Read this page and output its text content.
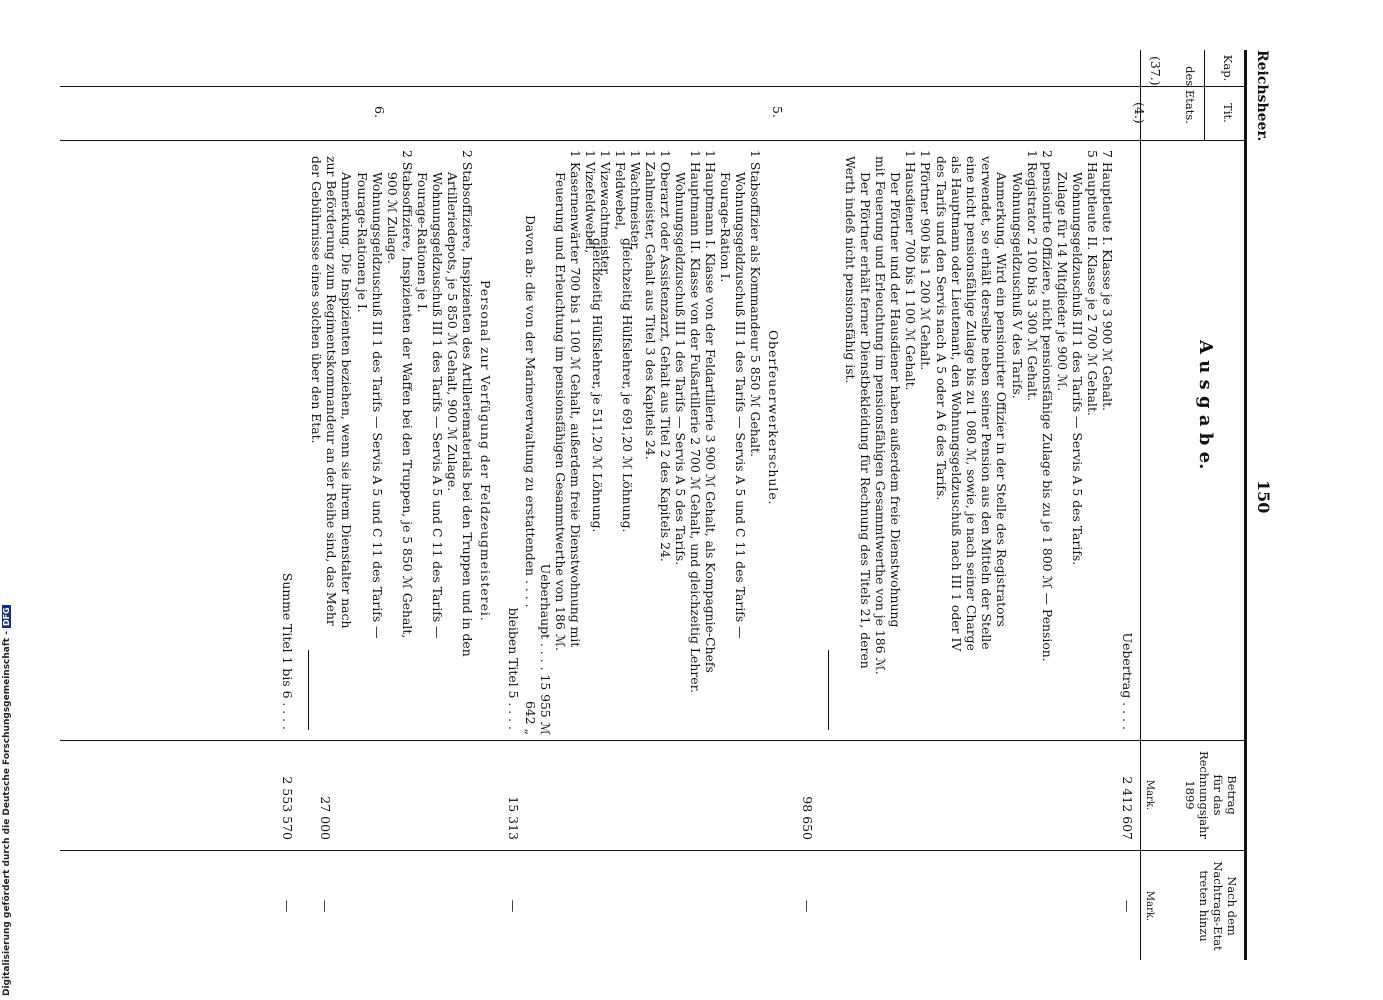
Reichsheer.
150
Kap.
Tit.
des Etats.
A u s g a b e.
Betrag
für das
Rechnungsjahr
1899
Nach dem
Nachtrags-Etat
treten hinzu
Mark.
Mark.
(37.)
(4.)
5.
6.
Uebertrag . . . .
2 412 607
—
7 Hauptleute I. Klasse je 3 900 ℳ Gehalt.
5 Hauptleute II. Klasse je 2 700 ℳ Gehalt.
Wohnungsgeldzuschuß III 1 des Tarifs — Servis A 5 des Tarifs.
Zulage für 14 Mitglieder je 900 ℳ.
2 pensionirte Offiziere, nicht pensionsfähige Zulage bis zu je 1 800 ℳ — Pension.
1 Registrator 2 100 bis 3 300 ℳ Gehalt.
Wohnungsgeldzuschuß V des Tarifs.
Anmerkung. Wird ein pensionirter Offizier in der Stelle des Registrators
verwendet, so erhält derselbe neben seiner Pension aus den Mitteln der Stelle
eine nicht pensionsfähige Zulage bis zu 1 080 ℳ, sowie, je nach seiner Charge
als Hauptmann oder Lieutenant, den Wohnungsgeldzuschuß nach III 1 oder IV
des Tarifs und den Servis nach A 5 oder A 6 des Tarifs.
1 Pförtner 900 bis 1 200 ℳ Gehalt.
1 Hausdiener 700 bis 1 100 ℳ Gehalt.
Der Pförtner und der Hausdiener haben außerdem freie Dienstwohnung
mit Feuerung und Erleuchtung im pensionsfähigen Gesammtwerthe von je 186 ℳ.
Der Pförtner erhält ferner Dienstbekleidung für Rechnung des Titels 21, deren
Werth indeß nicht pensionsfähig ist.
98 650
—
Oberfeuerwerkerschule.
1 Stabsoffizier als Kommandeur 5 850 ℳ Gehalt.
Wohnungsgeldzuschuß III 1 des Tarifs — Servis A 5 und C 11 des Tarifs —
Fourage-Ration I.
1 Hauptmann I. Klasse von der Feldartillerie 3 900 ℳ Gehalt, als Kompagnie-Chefs
1 Hauptmann II. Klasse von der Fußartillerie 2 700 ℳ Gehalt, und gleichzeitig Lehrer.
Wohnungsgeldzuschuß III 1 des Tarifs — Servis A 5 des Tarifs.
1 Oberarzt oder Assistenzarzt, Gehalt aus Titel 2 des Kapitels 24.
1 Zahlmeister, Gehalt aus Titel 3 des Kapitels 24.
1 Wachtmeister,
1 Feldwebel,
gleichzeitig Hülfslehrer, je 691,20 ℳ Löhnung.
1 Vizewachtmeister,
1 Vizefeldwebel,
gleichzeitig Hülfslehrer, je 511,20 ℳ Löhnung.
1 Kasernenwärter 700 bis 1 100 ℳ Gehalt, außerdem freie Dienstwohnung mit
Feuerung und Erleuchtung im pensionsfähigen Gesammtwerthe von 186 ℳ.
Ueberhaupt . . . . 15 955 ℳ
Davon ab: die von der Marineverwaltung zu erstattenden . . . .
642 „
bleiben Titel 5 . . . .
15 313
—
Personal zur Verfügung der Feldzeugmeisterei.
2 Stabsoffiziere, Inspizienten des Artilleriematerials bei den Truppen und in den
Artilleriedepots, je 5 850 ℳ Gehalt, 900 ℳ Zulage.
Wohnungsgeldzuschuß III 1 des Tarifs — Servis A 5 und C 11 des Tarifs —
Fourage-Rationen je I.
2 Stabsoffiziere, Inspizienten der Waffen bei den Truppen, je 5 850 ℳ Gehalt,
900 ℳ Zulage.
Wohnungsgeldzuschuß III 1 des Tarifs — Servis A 5 und C 11 des Tarifs —
Fourage-Rationen je I.
Anmerkung. Die Inspizienten beziehen, wenn sie ihrem Dienstalter nach
zur Beförderung zum Regimentskommandeur an der Reihe sind, das Mehr
der Gebührnisse eines solchen über den Etat.
27 000
—
Summe Titel 1 bis 6 . . . .
2 553 570
—
Digitalisierung gefördert durch die Deutsche Forschungsgemeinschaft -DFG
